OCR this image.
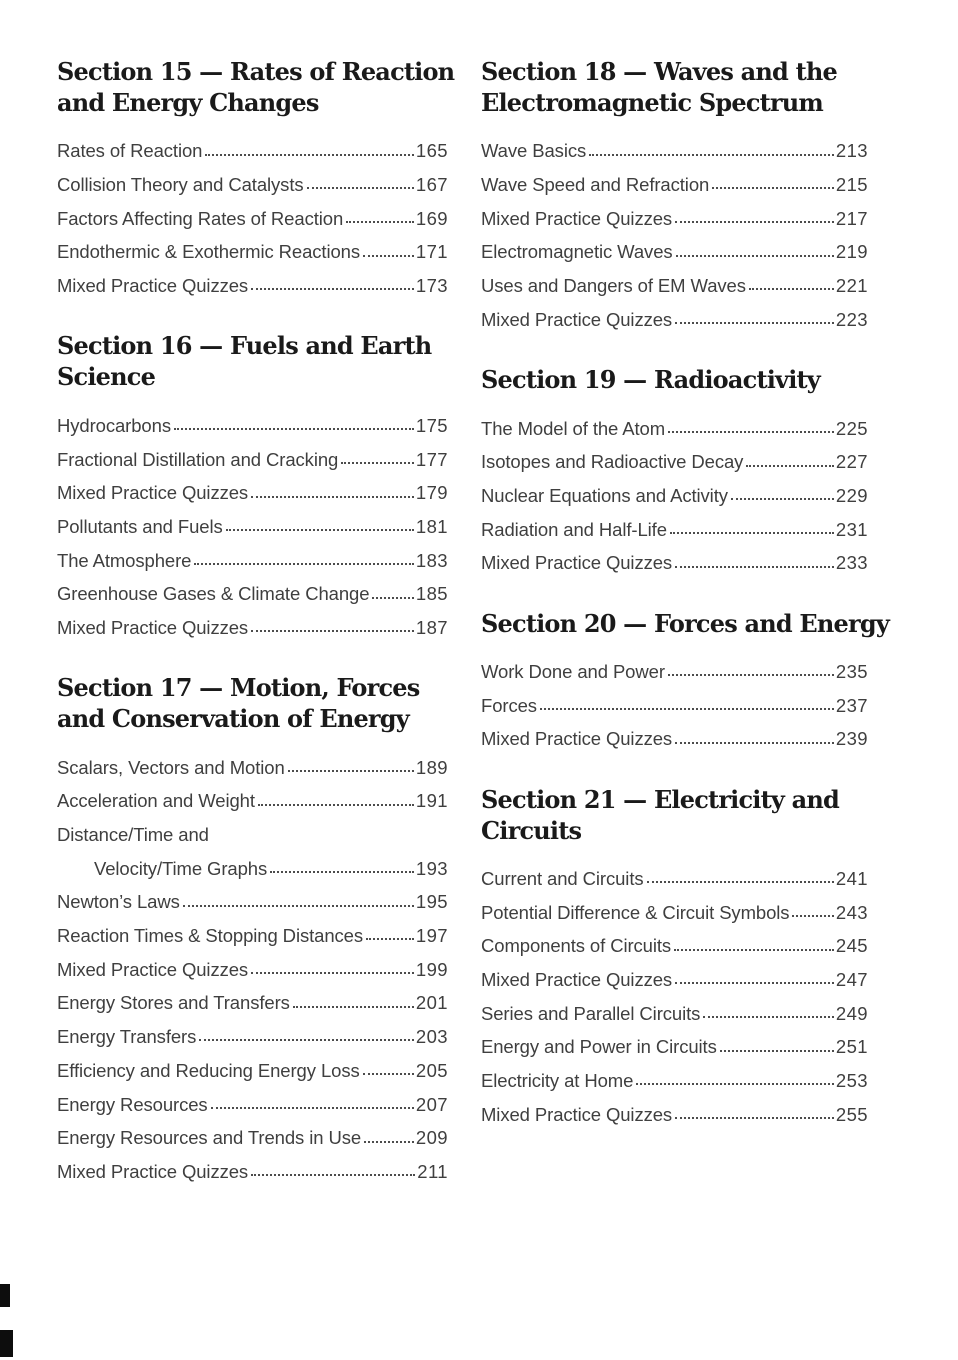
Section 15 — Rates of Reaction
and Energy Changes
Rates of Reaction	165
Collision Theory and Catalysts	167
Factors Affecting Rates of Reaction	169
Endothermic & Exothermic Reactions	171
Mixed Practice Quizzes	173
Section 16 — Fuels and Earth
Science
Hydrocarbons	175
Fractional Distillation and Cracking	177
Mixed Practice Quizzes	179
Pollutants and Fuels	181
The Atmosphere	183
Greenhouse Gases & Climate Change	185
Mixed Practice Quizzes	187
Section 17 — Motion, Forces
and Conservation of Energy
Scalars, Vectors and Motion	189
Acceleration and Weight	191
Distance/Time and
Velocity/Time Graphs	193
Newton’s Laws	195
Reaction Times & Stopping Distances	197
Mixed Practice Quizzes	199
Energy Stores and Transfers	201
Energy Transfers	203
Efficiency and Reducing Energy Loss	205
Energy Resources	207
Energy Resources and Trends in Use	209
Mixed Practice Quizzes	211
Section 18 — Waves and the
Electromagnetic Spectrum
Wave Basics	213
Wave Speed and Refraction	215
Mixed Practice Quizzes	217
Electromagnetic Waves	219
Uses and Dangers of EM Waves	221
Mixed Practice Quizzes	223
Section 19 — Radioactivity
The Model of the Atom	225
Isotopes and Radioactive Decay	227
Nuclear Equations and Activity	229
Radiation and Half-Life	231
Mixed Practice Quizzes	233
Section 20 — Forces and Energy
Work Done and Power	235
Forces	237
Mixed Practice Quizzes	239
Section 21 — Electricity and
Circuits
Current and Circuits	241
Potential Difference & Circuit Symbols	243
Components of Circuits	245
Mixed Practice Quizzes	247
Series and Parallel Circuits	249
Energy and Power in Circuits	251
Electricity at Home	253
Mixed Practice Quizzes	255
